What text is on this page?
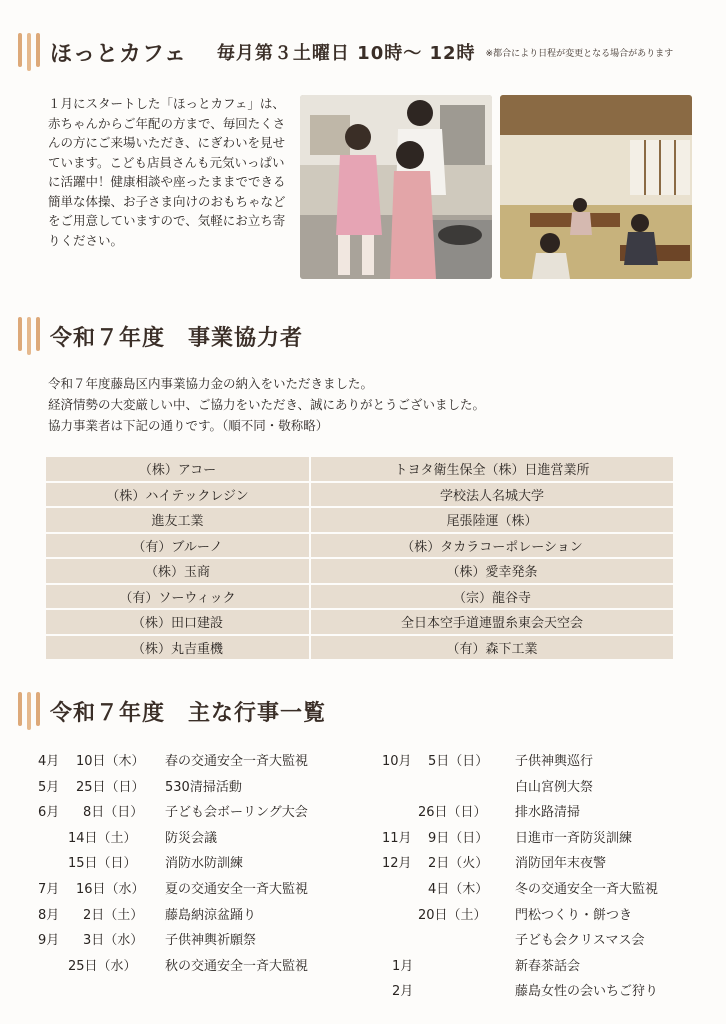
ほっとカフェ 毎月第３土曜日 10時～ 12時 ※都合により日程が変更となる場合があります

１月にスタートした「ほっとカフェ」は、赤ちゃんからご年配の方まで、毎回たくさんの方にご来場いただき、にぎわいを見せています。こども店員さんも元気いっぱいに活躍中！健康相談や座ったままでできる簡単な体操、お子さま向けのおもちゃなどをご用意していますので、気軽にお立ち寄りください。

令和７年度　事業協力者

令和７年度藤島区内事業協力金の納入をいただきました。

経済情勢の大変厳しい中、ご協力をいただき、誠にありがとうございました。

協力事業者は下記の通りです。（順不同・敬称略）

（株）アコー	トヨタ衛生保全（株）日進営業所
（株）ハイテックレジン	学校法人名城大学
進友工業	尾張陸運（株）
（有）ブルーノ	（株）タカラコーポレーション
（株）玉商	（株）愛幸発条
（有）ソーウィック	（宗）龍谷寺
（株）田口建設	全日本空手道連盟糸東会天空会
（株）丸吉重機	（有）森下工業
令和７年度　主な行事一覧
4月 10日（木） 春の交通安全一斉大監視
5月 25日（日） 530清掃活動
6月 8日（日） 子ども会ボーリング大会
14日（土） 防災会議
15日（日） 消防水防訓練
7月 16日（水） 夏の交通安全一斉大監視
8月 2日（土） 藤島納涼盆踊り
9月 3日（水） 子供神輿祈願祭
25日（水） 秋の交通安全一斉大監視
10月 5日（日） 子供神輿巡行
白山宮例大祭
26日（日） 排水路清掃
11月 9日（日） 日進市一斉防災訓練
12月 2日（火） 消防団年末夜警
4日（木） 冬の交通安全一斉大監視
20日（土） 門松つくり・餅つき
子ども会クリスマス会
1月	新春茶話会
2月	藤島女性の会いちご狩り
